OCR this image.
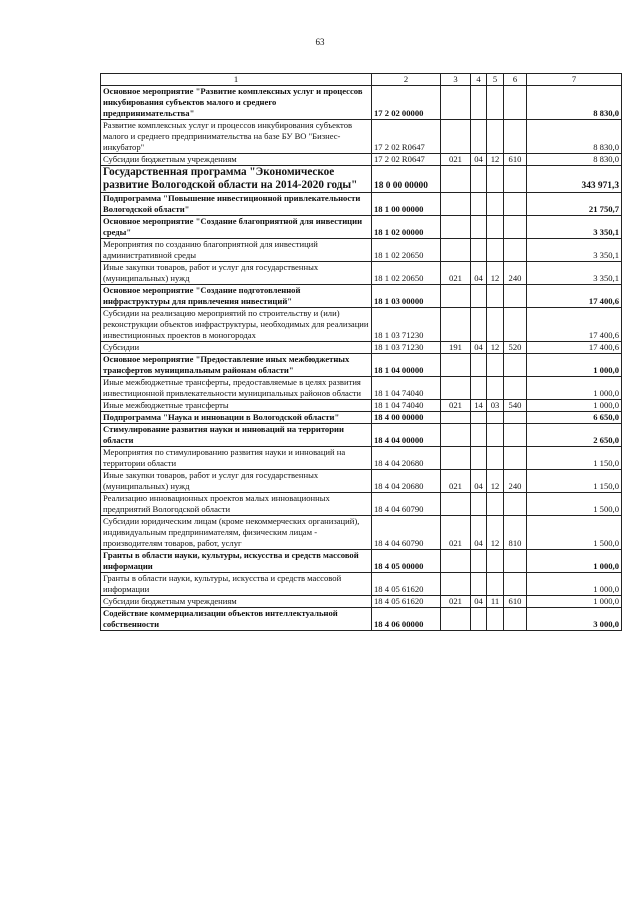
63
1	2	3	4	5	6	7
Основное мероприятие "Развитие комплексных услуг и процессов инкубирования субъектов малого и среднего предпринимательства"	17 2 02 00000					8 830,0
Развитие комплексных услуг и процессов инкубирования субъектов малого и среднего предпринимательства на базе БУ ВО "Бизнес-инкубатор"	17 2 02 R0647					8 830,0
Субсидии бюджетным учреждениям	17 2 02 R0647	021	04	12	610	8 830,0
Государственная программа "Экономическое развитие Вологодской области на 2014-2020 годы"	18 0 00 00000					343 971,3
Подпрограмма "Повышение инвестиционной привлекательности Вологодской области"	18 1 00 00000					21 750,7
Основное мероприятие "Создание благоприятной для инвестиции среды"	18 1 02 00000					3 350,1
Мероприятия по созданию благоприятной для инвестиций административной среды	18 1 02 20650					3 350,1
Иные закупки товаров, работ и услуг для государственных (муниципальных) нужд	18 1 02 20650	021	04	12	240	3 350,1
Основное мероприятие "Создание подготовленной инфраструктуры для привлечения инвестиций"	18 1 03 00000					17 400,6
Субсидии на реализацию мероприятий по строительству и (или) реконструкции объектов инфраструктуры, необходимых для реализации инвестиционных проектов в моногородах	18 1 03 71230					17 400,6
Субсидии	18 1 03 71230	191	04	12	520	17 400,6
Основное мероприятие "Предоставление иных межбюджетных трансфертов муниципальным районам области"	18 1 04 00000					1 000,0
Иные межбюджетные трансферты, предоставляемые в целях развития инвестиционной привлекательности муниципальных районов области	18 1 04 74040					1 000,0
Иные межбюджетные трансферты	18 1 04 74040	021	14	03	540	1 000,0
Подпрограмма "Наука и инновации в Вологодской области"	18 4 00 00000					6 650,0
Стимулирование развития науки и инноваций на территории области	18 4 04 00000					2 650,0
Мероприятия по стимулированию развития науки и инноваций на территории области	18 4 04 20680					1 150,0
Иные закупки товаров, работ и услуг для государственных (муниципальных) нужд	18 4 04 20680	021	04	12	240	1 150,0
Реализацию инновационных проектов малых инновационных предприятий Вологодской области	18 4 04 60790					1 500,0
Субсидии юридическим лицам (кроме некоммерческих организаций), индивидуальным предпринимателям, физическим лицам - производителям товаров, работ, услуг	18 4 04 60790	021	04	12	810	1 500,0
Гранты в области науки, культуры, искусства и средств массовой информации	18 4 05 00000					1 000,0
Гранты в области науки, культуры, искусства и средств массовой информации	18 4 05 61620					1 000,0
Субсидии бюджетным учреждениям	18 4 05 61620	021	04	11	610	1 000,0
Содействие коммерциализации объектов интеллектуальной собственности	18 4 06 00000					3 000,0
